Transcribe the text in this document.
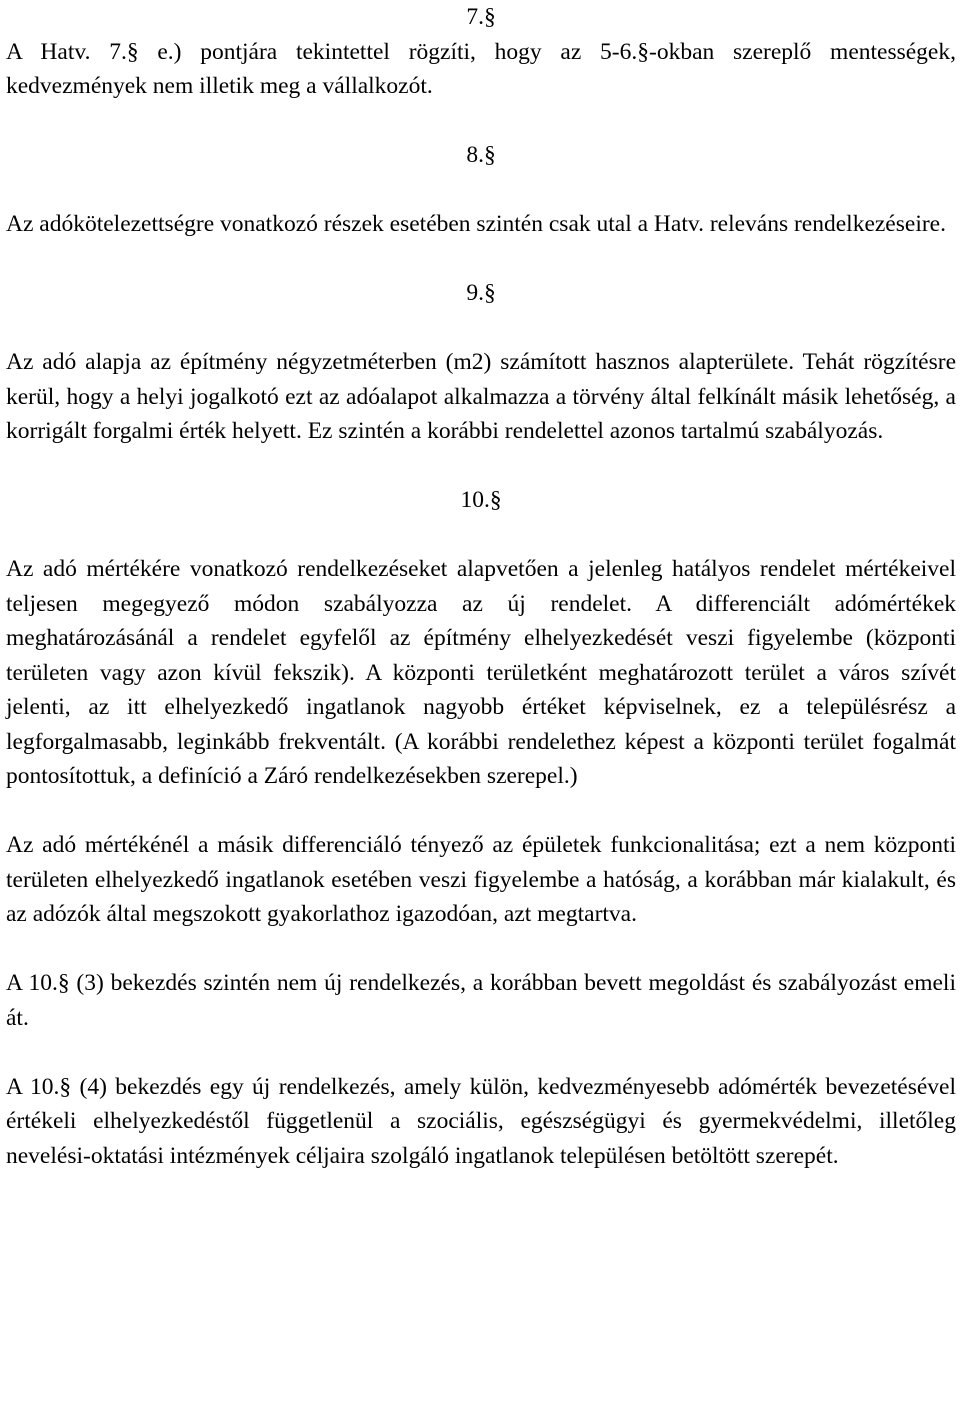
7.§

A Hatv. 7.§ e.) pontjára tekintettel rögzíti, hogy az 5-6.§-okban szereplő mentességek, kedvezmények nem illetik meg a vállalkozót.

8.§

Az adókötelezettségre vonatkozó részek esetében szintén csak utal a Hatv. releváns rendelkezéseire.

9.§

Az adó alapja az építmény négyzetméterben (m2) számított hasznos alapterülete. Tehát rögzítésre kerül, hogy a helyi jogalkotó ezt az adóalapot alkalmazza a törvény által felkínált másik lehetőség, a korrigált forgalmi érték helyett. Ez szintén a korábbi rendelettel azonos tartalmú szabályozás.

10.§

Az adó mértékére vonatkozó rendelkezéseket alapvetően a jelenleg hatályos rendelet mértékeivel teljesen megegyező módon szabályozza az új rendelet. A differenciált adómértékek meghatározásánál a rendelet egyfelől az építmény elhelyezkedését veszi figyelembe (központi területen vagy azon kívül fekszik). A központi területként meghatározott terület a város szívét jelenti, az itt elhelyezkedő ingatlanok nagyobb értéket képviselnek, ez a településrész a legforgalmasabb, leginkább frekventált. (A korábbi rendelethez képest a központi terület fogalmát pontosítottuk, a definíció a Záró rendelkezésekben szerepel.)

Az adó mértékénél a másik differenciáló tényező az épületek funkcionalitása; ezt a nem központi területen elhelyezkedő ingatlanok esetében veszi figyelembe a hatóság, a korábban már kialakult, és az adózók által megszokott gyakorlathoz igazodóan, azt megtartva.

A 10.§ (3) bekezdés szintén nem új rendelkezés, a korábban bevett megoldást és szabályozást emeli át.

A 10.§ (4) bekezdés egy új rendelkezés, amely külön, kedvezményesebb adómérték bevezetésével értékeli elhelyezkedéstől függetlenül a szociális, egészségügyi és gyermekvédelmi, illetőleg nevelési-oktatási intézmények céljaira szolgáló ingatlanok településen betöltött szerepét.
